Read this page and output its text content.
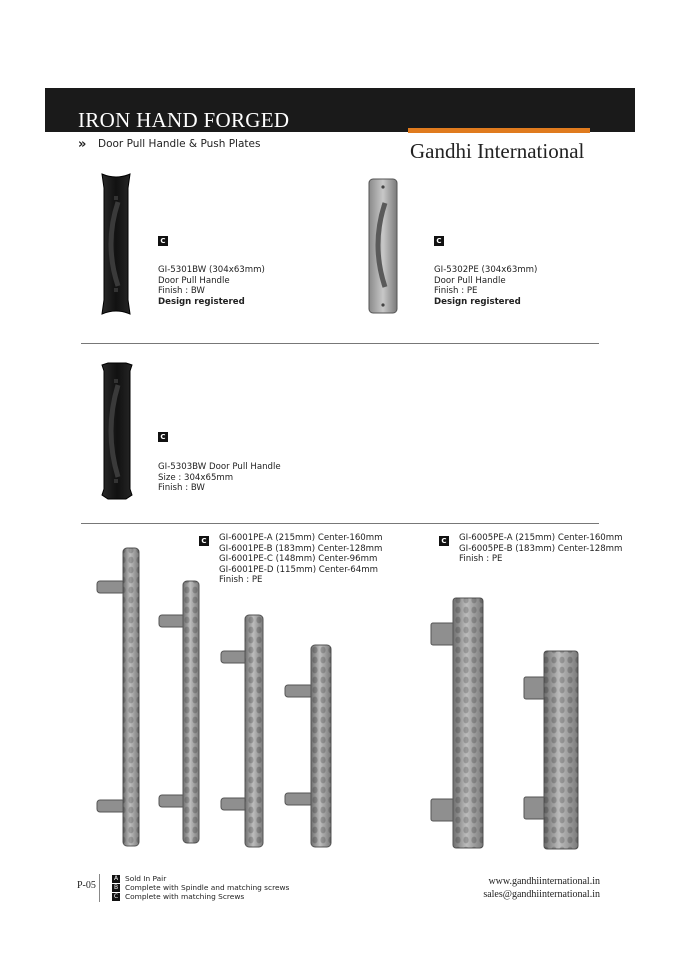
IRON HAND FORGED
Gandhi International
» Door Pull Handle & Push Plates
C
GI-5301BW (304x63mm)
Door Pull Handle
Finish : BW
Design registered
C
GI-5302PE (304x63mm)
Door Pull Handle
Finish : PE
Design registered
C
GI-5303BW Door Pull Handle
Size : 304x65mm
Finish : BW
C GI-6001PE-A (215mm) Center-160mm
GI-6001PE-B (183mm) Center-128mm
GI-6001PE-C (148mm) Center-96mm
GI-6001PE-D (115mm) Center-64mm
Finish : PE
C GI-6005PE-A (215mm) Center-160mm
GI-6005PE-B (183mm) Center-128mm
Finish : PE
P-05
A Sold In Pair
B Complete with Spindle and matching screws
C Complete with matching Screws
www.gandhiinternational.in
sales@gandhiinternational.in
